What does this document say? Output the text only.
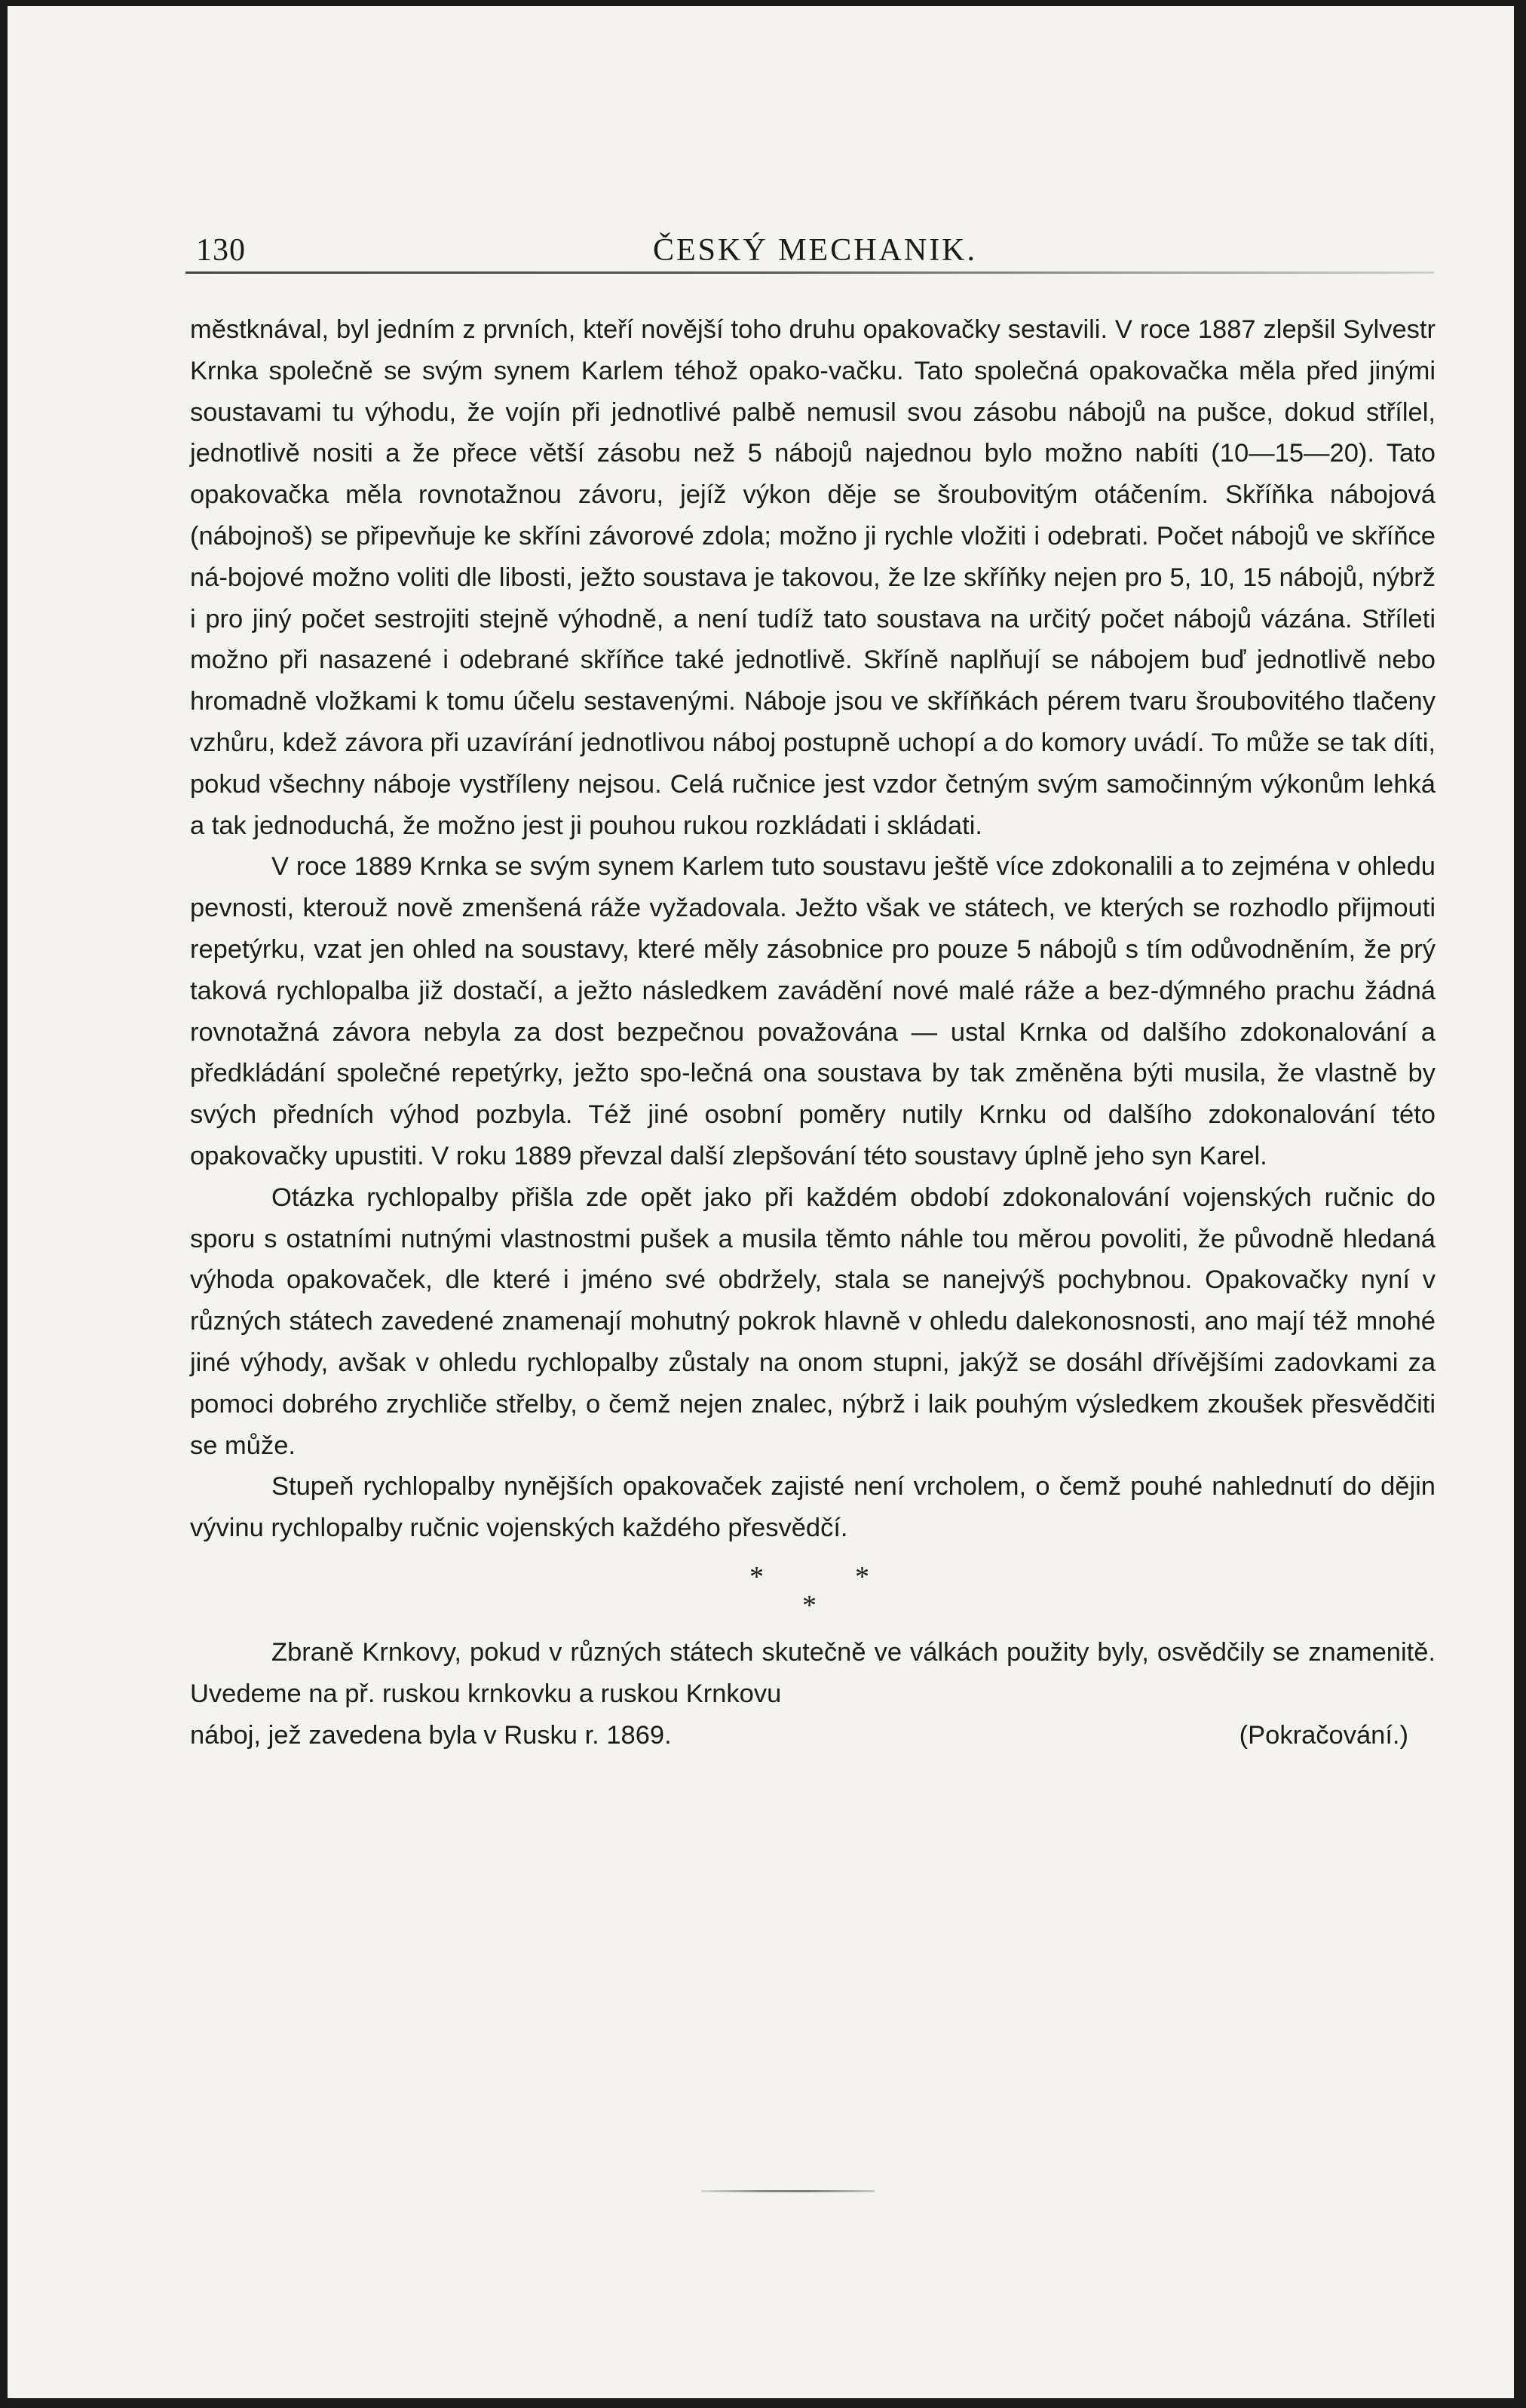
130	ČESKÝ MECHANIK.

městknával, byl jedním z prvních, kteří novější toho druhu opakovačky sestavili. V roce 1887 zlepšil Sylvestr Krnka společně se svým synem Karlem téhož opako-vačku. Tato společná opakovačka měla před jinými soustavami tu výhodu, že vojín při jednotlivé palbě nemusil svou zásobu nábojů na pušce, dokud střílel, jednotlivě nositi a že přece větší zásobu než 5 nábojů najednou bylo možno nabíti (10—15—20). Tato opakovačka měla rovnotažnou závoru, jejíž výkon děje se šroubovitým otáčením. Skříňka nábojová (nábojnoš) se připevňuje ke skříni závorové zdola; možno ji rychle vložiti i odebrati. Počet nábojů ve skříňce ná-bojové možno voliti dle libosti, ježto soustava je takovou, že lze skříňky nejen pro 5, 10, 15 nábojů, nýbrž i pro jiný počet sestrojiti stejně výhodně, a není tudíž tato soustava na určitý počet nábojů vázána. Stříleti možno při nasazené i odebrané skříňce také jednotlivě. Skříně naplňují se nábojem buď jednotlivě nebo hromadně vložkami k tomu účelu sestavenými. Náboje jsou ve skříňkách pérem tvaru šroubovitého tlačeny vzhůru, kdež závora při uzavírání jednotlivou náboj postupně uchopí a do komory uvádí. To může se tak díti, pokud všechny náboje vystříleny nejsou. Celá ručnice jest vzdor četným svým samočinným výkonům lehká a tak jednoduchá, že možno jest ji pouhou rukou rozkládati i skládati.

V roce 1889 Krnka se svým synem Karlem tuto soustavu ještě více zdokonalili a to zejména v ohledu pevnosti, kterouž nově zmenšená ráže vyžadovala. Ježto však ve státech, ve kterých se rozhodlo přijmouti repetýrku, vzat jen ohled na soustavy, které měly zásobnice pro pouze 5 nábojů s tím odůvodněním, že prý taková rychlopalba již dostačí, a ježto následkem zavádění nové malé ráže a bez-dýmného prachu žádná rovnotažná závora nebyla za dost bezpečnou považována — ustal Krnka od dalšího zdokonalování a předkládání společné repetýrky, ježto spo-lečná ona soustava by tak změněna býti musila, že vlastně by svých předních výhod pozbyla. Též jiné osobní poměry nutily Krnku od dalšího zdokonalování této opakovačky upustiti. V roku 1889 převzal další zlepšování této soustavy úplně jeho syn Karel.

Otázka rychlopalby přišla zde opět jako při každém období zdokonalování vojenských ručnic do sporu s ostatními nutnými vlastnostmi pušek a musila těmto náhle tou měrou povoliti, že původně hledaná výhoda opakovaček, dle které i jméno své obdržely, stala se nanejvýš pochybnou. Opakovačky nyní v různých státech zavedené znamenají mohutný pokrok hlavně v ohledu dalekonosnosti, ano mají též mnohé jiné výhody, avšak v ohledu rychlopalby zůstaly na onom stupni, jakýž se dosáhl dřívějšími zadovkami za pomoci dobrého zrychliče střelby, o čemž nejen znalec, nýbrž i laik pouhým výsledkem zkoušek přesvědčiti se může.

Stupeň rychlopalby nynějších opakovaček zajisté není vrcholem, o čemž pouhé nahlednutí do dějin vývinu rychlopalby ručnic vojenských každého přesvědčí.

*	*
*

Zbraně Krnkovy, pokud v různých státech skutečně ve válkách použity byly, osvědčily se znamenitě. Uvedeme na př. ruskou krnkovku a ruskou Krnkovu

náboj, jež zavedena byla v Rusku r. 1869.	(Pokračování.)
